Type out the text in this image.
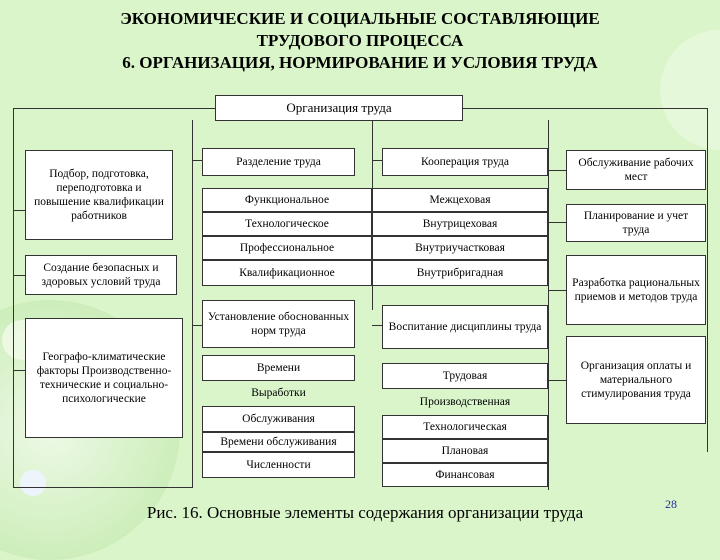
ЭКОНОМИЧЕСКИЕ И СОЦИАЛЬНЫЕ СОСТАВЛЯЮЩИЕ
ТРУДОВОГО ПРОЦЕССА
6. ОРГАНИЗАЦИЯ, НОРМИРОВАНИЕ И УСЛОВИЯ ТРУДА
Организация труда
Подбор, подготовка, переподготовка и повышение квалификации работников
Создание безопасных и здоровых условий труда
Географо-климатические факторы Производственно-технические и социально-психологические
Разделение труда
Функциональное
Технологическое
Профессиональное
Квалификационное
Установление обоснованных норм труда
Времени
Выработки
Обслуживания
Времени обслуживания
Численности
Кооперация труда
Межцеховая
Внутрицеховая
Внутриучастковая
Внутрибригадная
Воспитание дисциплины труда
Трудовая
Производственная
Технологическая
Плановая
Финансовая
Обслуживание рабочих мест
Планирование и учет труда
Разработка рациональных приемов и методов труда
Организация оплаты и материального стимулирования труда
Рис. 16. Основные элементы содержания организации труда	28
